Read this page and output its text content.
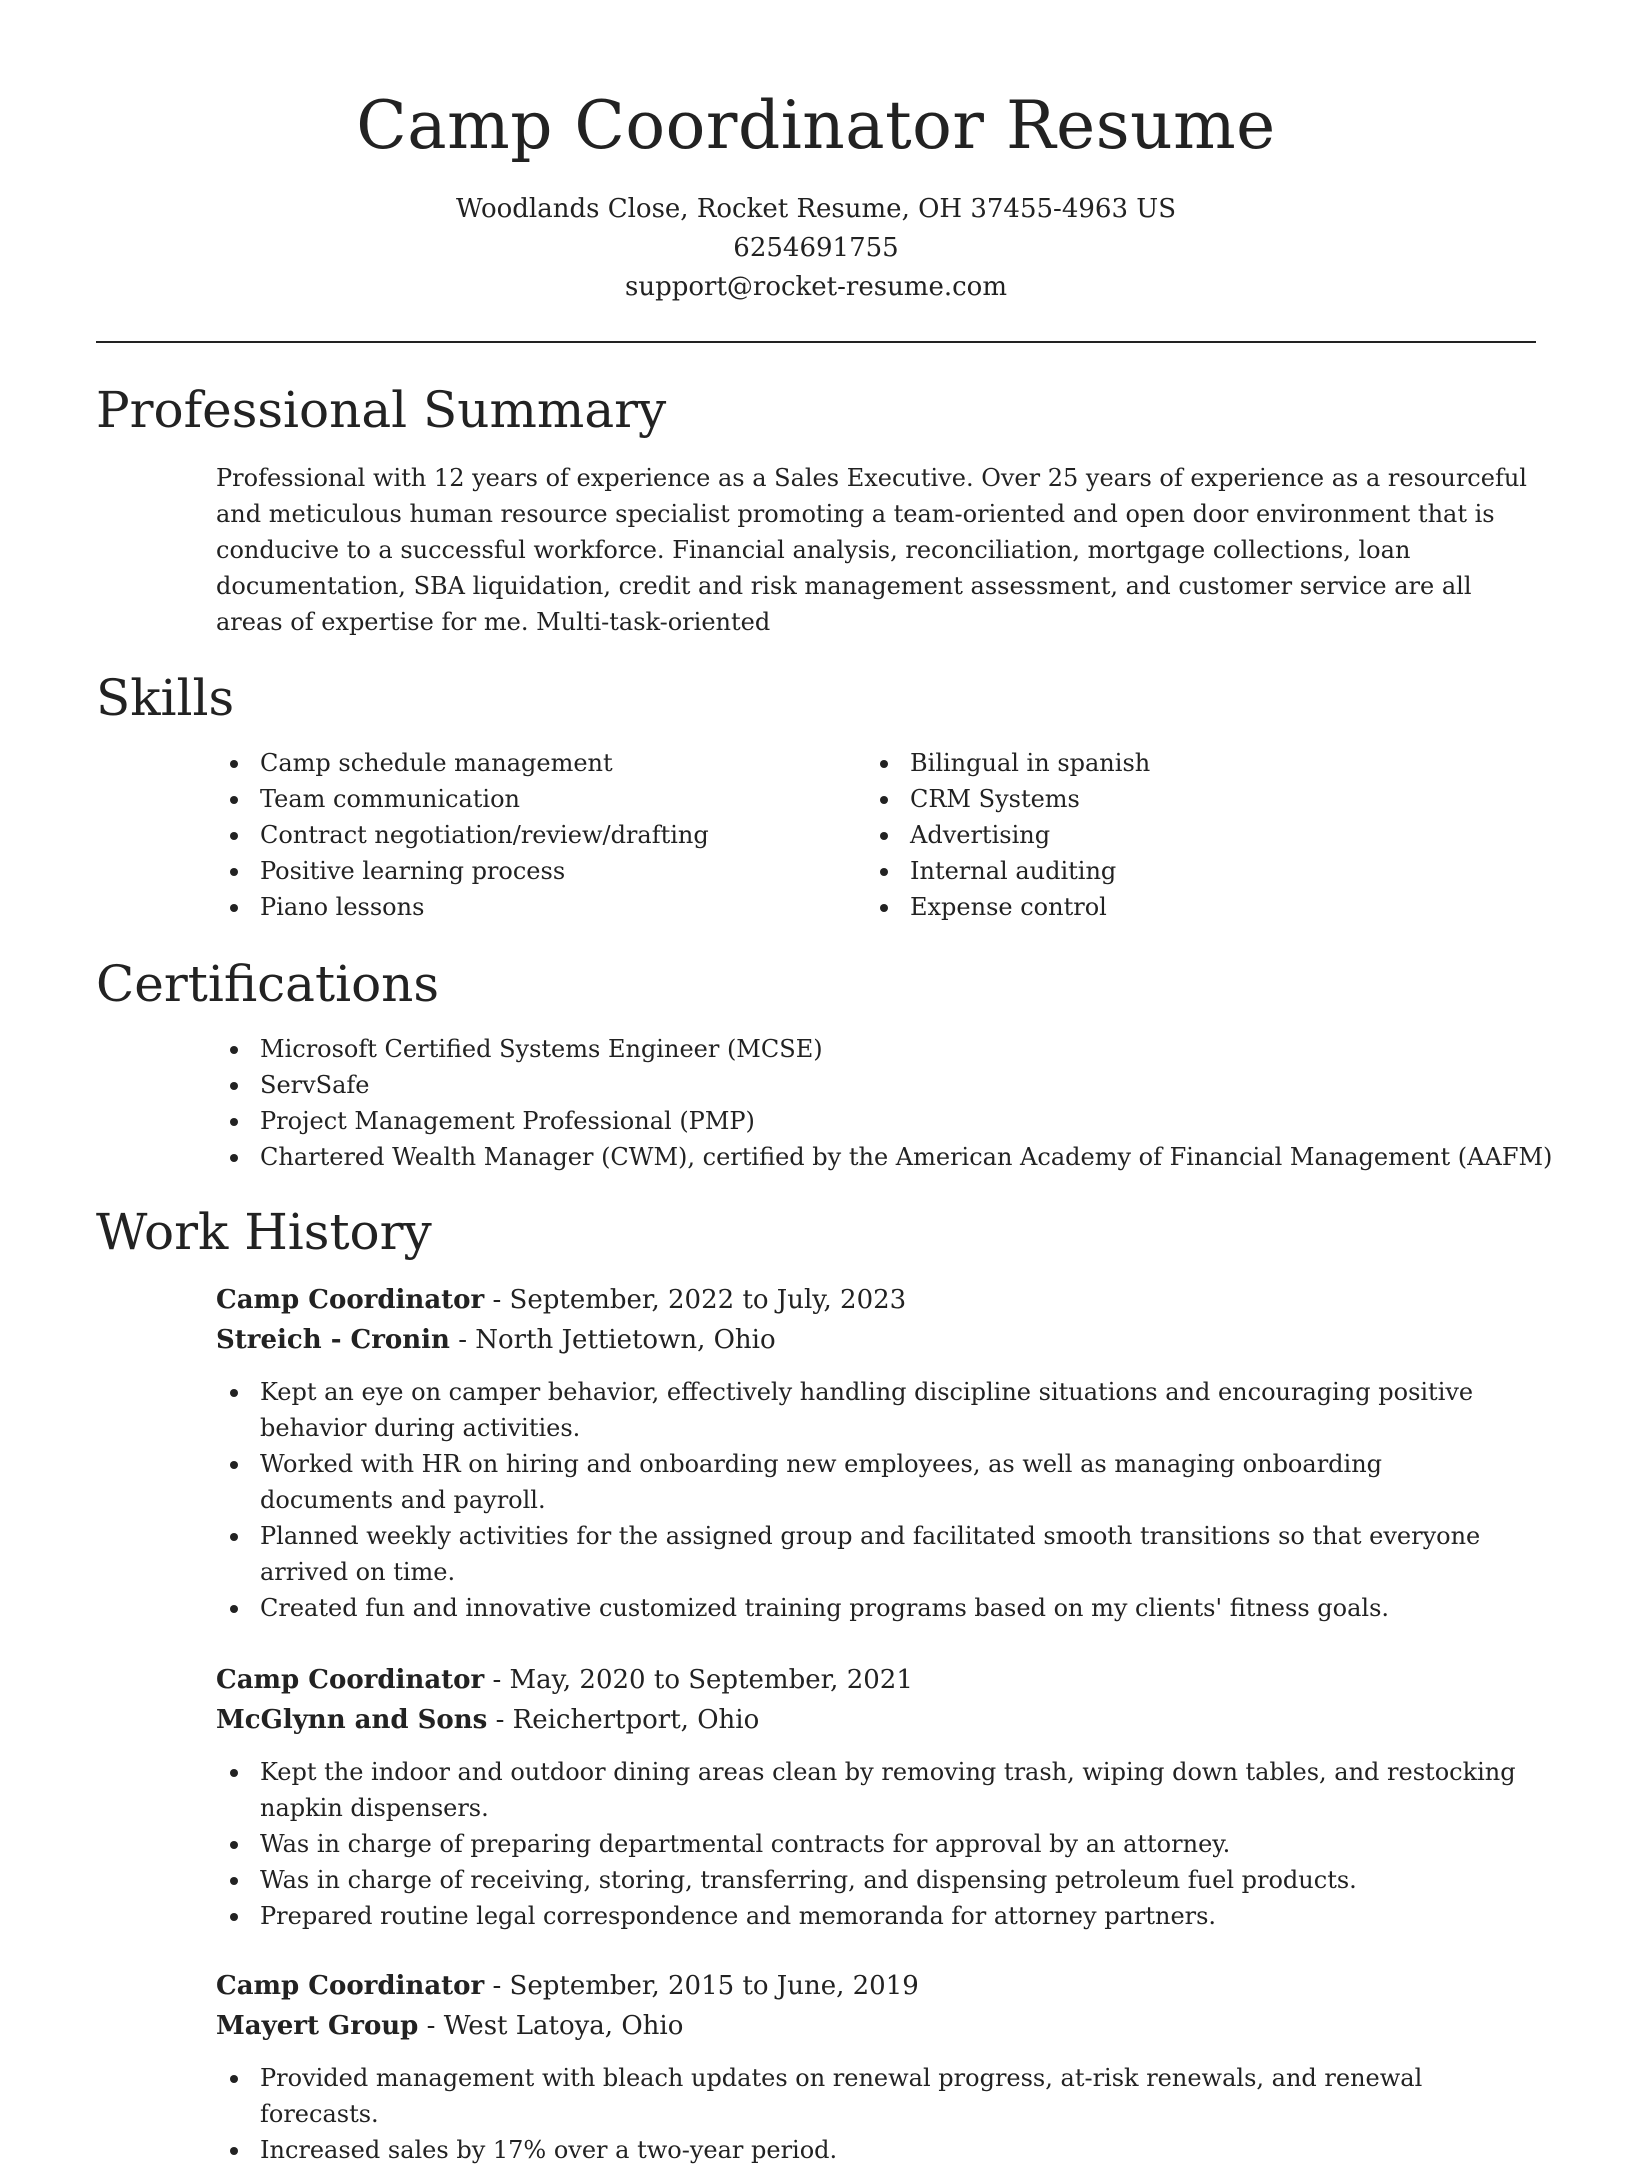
Camp Coordinator Resume
Woodlands Close, Rocket Resume, OH 37455-4963 US
6254691755
support@rocket-resume.com
Professional Summary
Professional with 12 years of experience as a Sales Executive. Over 25 years of experience as a resourceful and meticulous human resource specialist promoting a team-oriented and open door environment that is conducive to a successful workforce. Financial analysis, reconciliation, mortgage collections, loan documentation, SBA liquidation, credit and risk management assessment, and customer service are all areas of expertise for me. Multi-task-oriented
Skills
Camp schedule management
Team communication
Contract negotiation/review/drafting
Positive learning process
Piano lessons
Bilingual in spanish
CRM Systems
Advertising
Internal auditing
Expense control
Certifications
Microsoft Certified Systems Engineer (MCSE)
ServSafe
Project Management Professional (PMP)
Chartered Wealth Manager (CWM), certified by the American Academy of Financial Management (AAFM)
Work History
Camp Coordinator - September, 2022 to July, 2023
Streich - Cronin - North Jettietown, Ohio
Kept an eye on camper behavior, effectively handling discipline situations and encouraging positive behavior during activities.
Worked with HR on hiring and onboarding new employees, as well as managing onboarding documents and payroll.
Planned weekly activities for the assigned group and facilitated smooth transitions so that everyone arrived on time.
Created fun and innovative customized training programs based on my clients' fitness goals.
Camp Coordinator - May, 2020 to September, 2021
McGlynn and Sons - Reichertport, Ohio
Kept the indoor and outdoor dining areas clean by removing trash, wiping down tables, and restocking napkin dispensers.
Was in charge of preparing departmental contracts for approval by an attorney.
Was in charge of receiving, storing, transferring, and dispensing petroleum fuel products.
Prepared routine legal correspondence and memoranda for attorney partners.
Camp Coordinator - September, 2015 to June, 2019
Mayert Group - West Latoya, Ohio
Provided management with bleach updates on renewal progress, at-risk renewals, and renewal forecasts.
Increased sales by 17% over a two-year period.
